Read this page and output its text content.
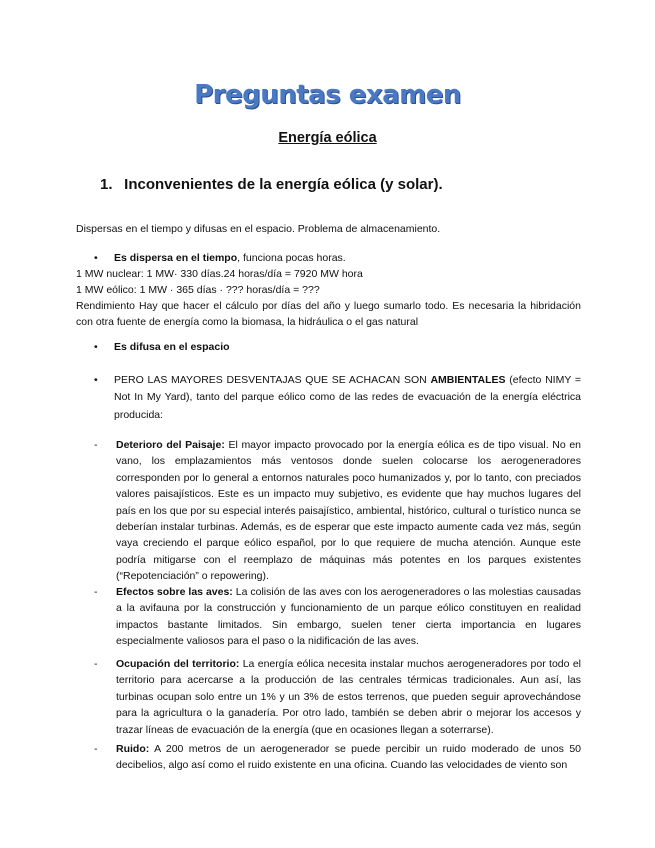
Preguntas examen
Energía eólica
1. Inconvenientes de la energía eólica (y solar).
Dispersas en el tiempo y difusas en el espacio. Problema de almacenamiento.
• Es dispersa en el tiempo, funciona pocas horas.
1 MW nuclear: 1 MW· 330 días.24 horas/día = 7920 MW hora
1 MW eólico: 1 MW · 365 días · ??? horas/día = ???
Rendimiento Hay que hacer el cálculo por días del año y luego sumarlo todo. Es necesaria la hibridación con otra fuente de energía como la biomasa, la hidráulica o el gas natural
• Es difusa en el espacio
• PERO LAS MAYORES DESVENTAJAS QUE SE ACHACAN SON AMBIENTALES (efecto NIMY = Not In My Yard), tanto del parque eólico como de las redes de evacuación de la energía eléctrica producida:
- Deterioro del Paisaje: El mayor impacto provocado por la energía eólica es de tipo visual. No en vano, los emplazamientos más ventosos donde suelen colocarse los aerogeneradores corresponden por lo general a entornos naturales poco humanizados y, por lo tanto, con preciados valores paisajísticos. Este es un impacto muy subjetivo, es evidente que hay muchos lugares del país en los que por su especial interés paisajístico, ambiental, histórico, cultural o turístico nunca se deberían instalar turbinas. Además, es de esperar que este impacto aumente cada vez más, según vaya creciendo el parque eólico español, por lo que requiere de mucha atención. Aunque este podría mitigarse con el reemplazo de máquinas más potentes en los parques existentes (“Repotenciación” o repowering).
- Efectos sobre las aves: La colisión de las aves con los aerogeneradores o las molestias causadas a la avifauna por la construcción y funcionamiento de un parque eólico constituyen en realidad impactos bastante limitados. Sin embargo, suelen tener cierta importancia en lugares especialmente valiosos para el paso o la nidificación de las aves.
- Ocupación del territorio: La energía eólica necesita instalar muchos aerogeneradores por todo el territorio para acercarse a la producción de las centrales térmicas tradicionales. Aun así, las turbinas ocupan solo entre un 1% y un 3% de estos terrenos, que pueden seguir aprovechándose para la agricultura o la ganadería. Por otro lado, también se deben abrir o mejorar los accesos y trazar líneas de evacuación de la energía (que en ocasiones llegan a soterrarse).
- Ruido: A 200 metros de un aerogenerador se puede percibir un ruido moderado de unos 50 decibelios, algo así como el ruido existente en una oficina. Cuando las velocidades de viento son
